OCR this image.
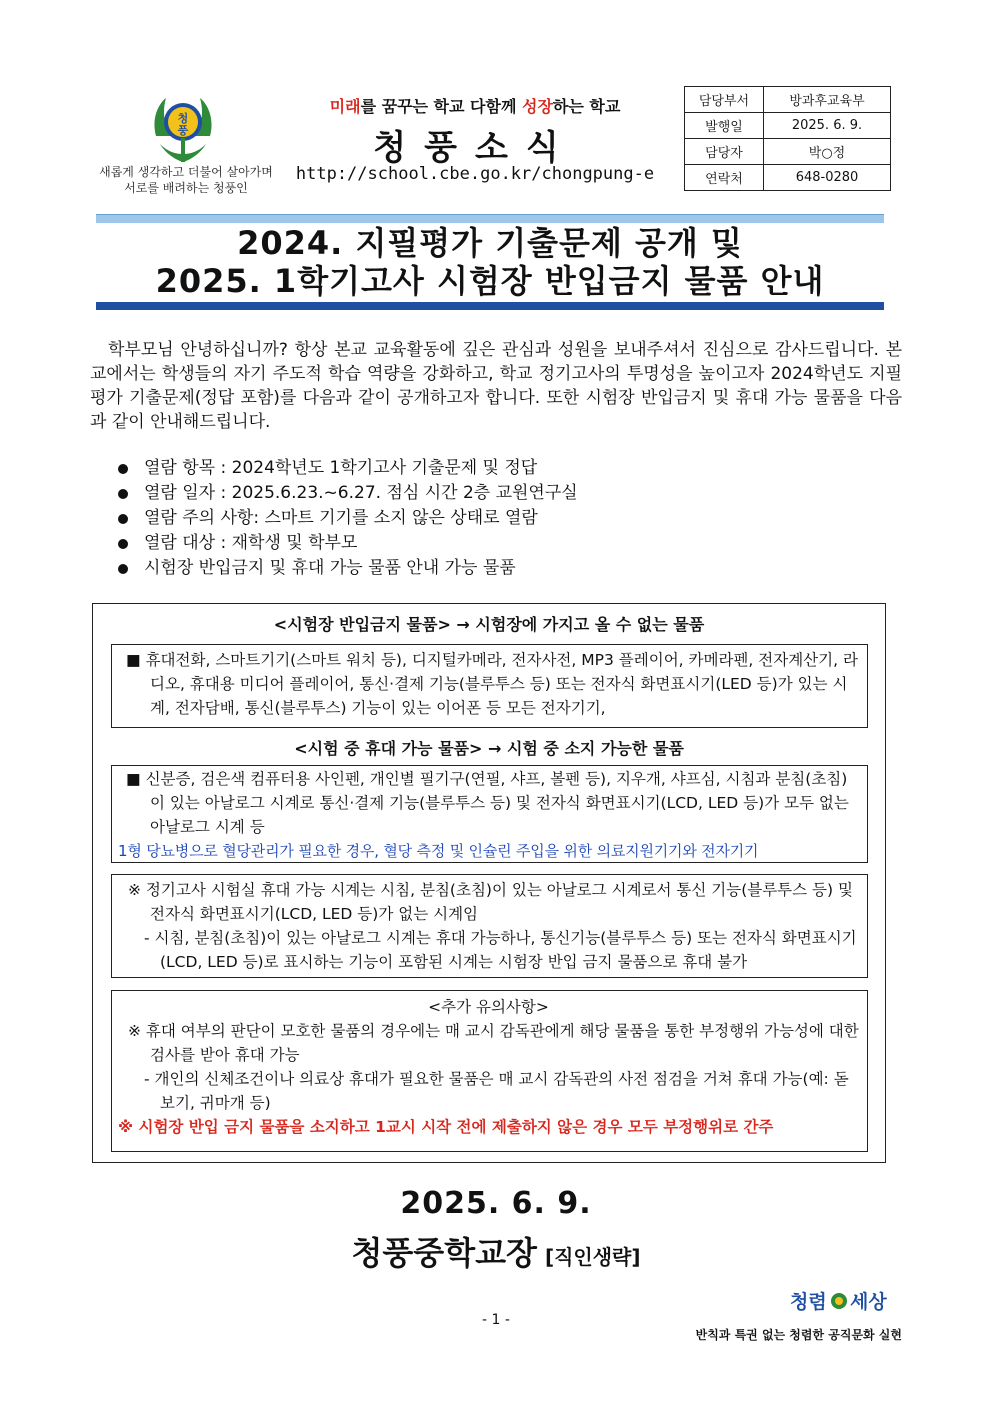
청
풍
새롭게 생각하고 더불어 살아가며
서로를 배려하는 청풍인
미래를 꿈꾸는 학교 다함께 성장하는 학교
청풍소식
http://school.cbe.go.kr/chongpung-e
담당부서	방과후교육부
발행일	2025. 6. 9.
담당자	박○정
연락처	648-0280
2024. 지필평가 기출문제 공개 및
2025. 1학기고사 시험장 반입금지 물품 안내
학부모님 안녕하십니까? 항상 본교 교육활동에 깊은 관심과 성원을 보내주셔서 진심으로 감사드립니다. 본교에서는 학생들의 자기 주도적 학습 역량을 강화하고, 학교 정기고사의 투명성을 높이고자 2024학년도 지필평가 기출문제(정답 포함)를 다음과 같이 공개하고자 합니다. 또한 시험장 반입금지 및 휴대 가능 물품을 다음과 같이 안내해드립니다.
열람 항목 : 2024학년도 1학기고사 기출문제 및 정답
열람 일자 : 2025.6.23.~6.27. 점심 시간 2층 교원연구실
열람 주의 사항: 스마트 기기를 소지 않은 상태로 열람
열람 대상 : 재학생 및 학부모
시험장 반입금지 및 휴대 가능 물품 안내 가능 물품
<시험장 반입금지 물품> → 시험장에 가지고 올 수 없는 물품

■ 휴대전화, 스마트기기(스마트 워치 등), 디지털카메라, 전자사전, MP3 플레이어, 카메라펜, 전자계산기, 라디오, 휴대용 미디어 플레이어, 통신·결제 기능(블루투스 등) 또는 전자식 화면표시기(LED 등)가 있는 시계, 전자담배, 통신(블루투스) 기능이 있는 이어폰 등 모든 전자기기,

<시험 중 휴대 가능 물품> → 시험 중 소지 가능한 물품

■ 신분증, 검은색 컴퓨터용 사인펜, 개인별 필기구(연필, 샤프, 볼펜 등), 지우개, 샤프심, 시침과 분침(초침)이 있는 아날로그 시계로 통신·결제 기능(블루투스 등) 및 전자식 화면표시기(LCD, LED 등)가 모두 없는 아날로그 시계 등

1형 당뇨병으로 혈당관리가 필요한 경우, 혈당 측정 및 인슐린 주입을 위한 의료지원기기와 전자기기

※ 정기고사 시험실 휴대 가능 시계는 시침, 분침(초침)이 있는 아날로그 시계로서 통신 기능(블루투스 등) 및 전자식 화면표시기(LCD, LED 등)가 없는 시계임

- 시침, 분침(초침)이 있는 아날로그 시계는 휴대 가능하나, 통신기능(블루투스 등) 또는 전자식 화면표시기(LCD, LED 등)로 표시하는 기능이 포함된 시계는 시험장 반입 금지 물품으로 휴대 불가

<추가 유의사항>

※ 휴대 여부의 판단이 모호한 물품의 경우에는 매 교시 감독관에게 해당 물품을 통한 부정행위 가능성에 대한 검사를 받아 휴대 가능

- 개인의 신체조건이나 의료상 휴대가 필요한 물품은 매 교시 감독관의 사전 점검을 거쳐 휴대 가능(예: 돋보기, 귀마개 등)

※ 시험장 반입 금지 물품을 소지하고 1교시 시작 전에 제출하지 않은 경우 모두 부정행위로 간주

2025. 6. 9.
청풍중학교장 [직인생략]
청렴 세상
- 1 -
반칙과 특권 없는 청렴한 공직문화 실현
